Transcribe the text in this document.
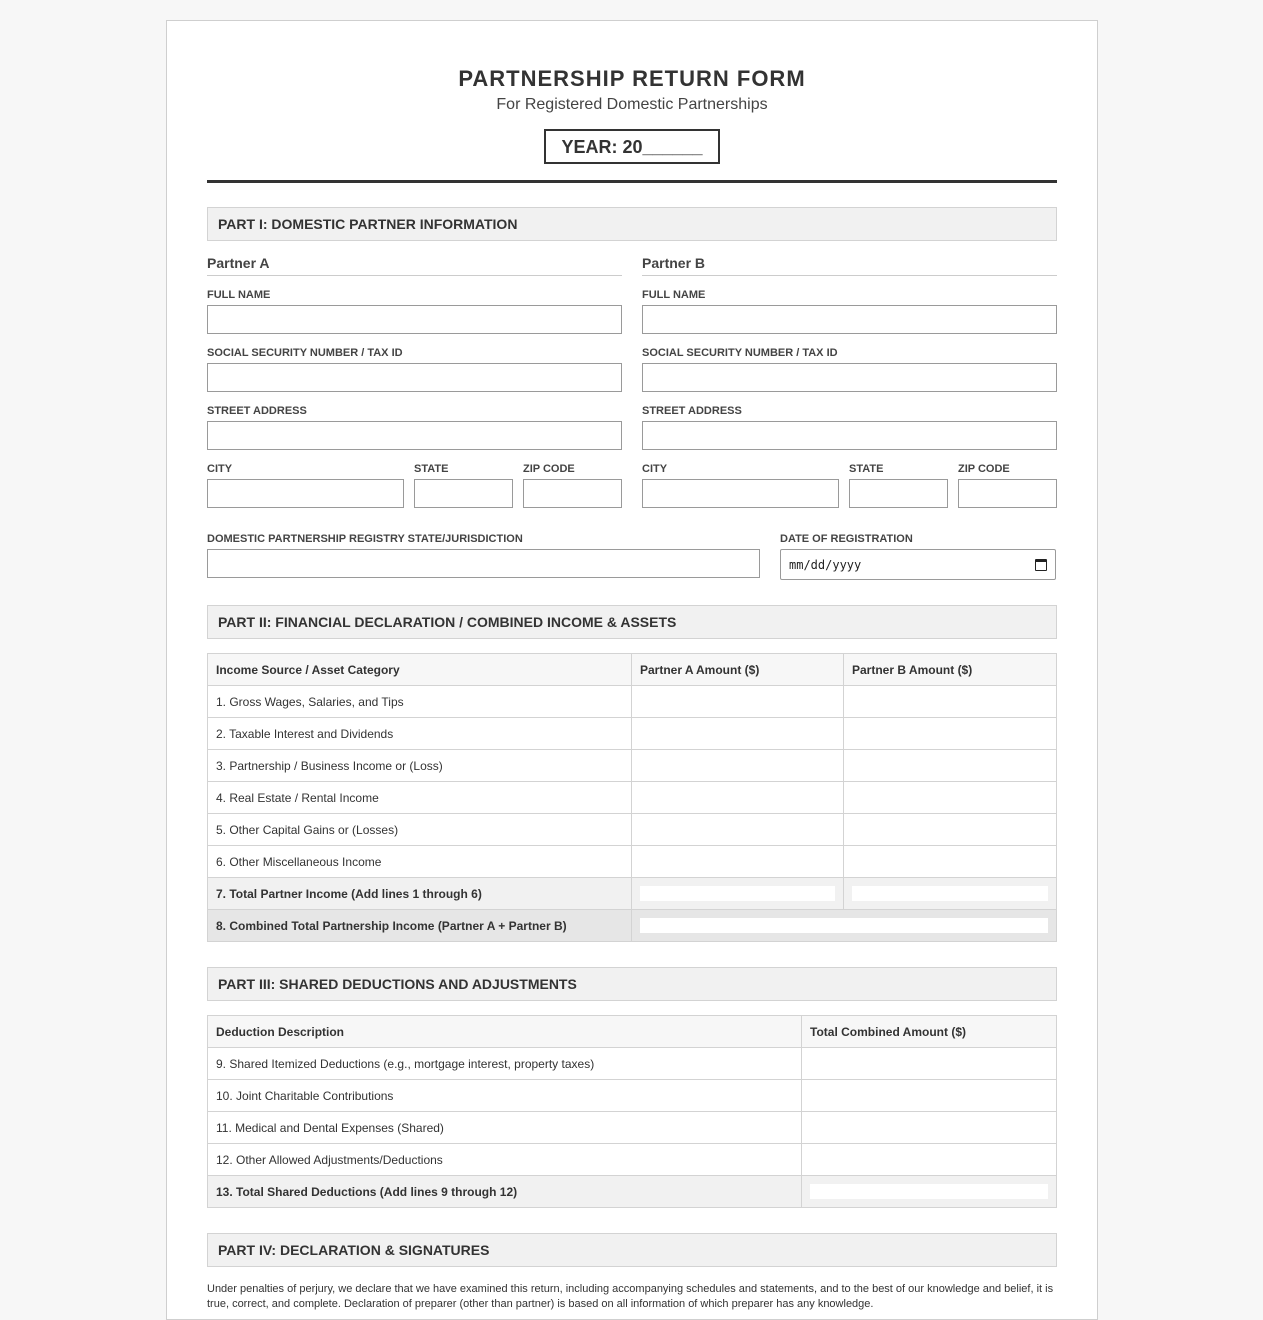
PARTNERSHIP RETURN FORM
For Registered Domestic Partnerships
YEAR: 20______
PART I: DOMESTIC PARTNER INFORMATION
Partner A
FULL NAME
SOCIAL SECURITY NUMBER / TAX ID
STREET ADDRESS
CITY	STATE	ZIP CODE
Partner B
FULL NAME
SOCIAL SECURITY NUMBER / TAX ID
STREET ADDRESS
CITY	STATE	ZIP CODE
DOMESTIC PARTNERSHIP REGISTRY STATE/JURISDICTION	DATE OF REGISTRATION
mm/dd/yyyy
PART II: FINANCIAL DECLARATION / COMBINED INCOME & ASSETS
Income Source / Asset Category	Partner A Amount ($)	Partner B Amount ($)
1. Gross Wages, Salaries, and Tips		
2. Taxable Interest and Dividends		
3. Partnership / Business Income or (Loss)		
4. Real Estate / Rental Income		
5. Other Capital Gains or (Losses)		
6. Other Miscellaneous Income		
7. Total Partner Income (Add lines 1 through 6)	

8. Combined Total Partnership Income (Partner A + Partner B)		
PART III: SHARED DEDUCTIONS AND ADJUSTMENTS
Deduction Description	Total Combined Amount ($)
9. Shared Itemized Deductions (e.g., mortgage interest, property taxes)	
10. Joint Charitable Contributions	
11. Medical and Dental Expenses (Shared)	
12. Other Allowed Adjustments/Deductions	
13. Total Shared Deductions (Add lines 9 through 12)	
PART IV: DECLARATION & SIGNATURES
Under penalties of perjury, we declare that we have examined this return, including accompanying schedules and statements, and to the best of our knowledge and belief, it is true, correct, and complete. Declaration of preparer (other than partner) is based on all information of which preparer has any knowledge.
